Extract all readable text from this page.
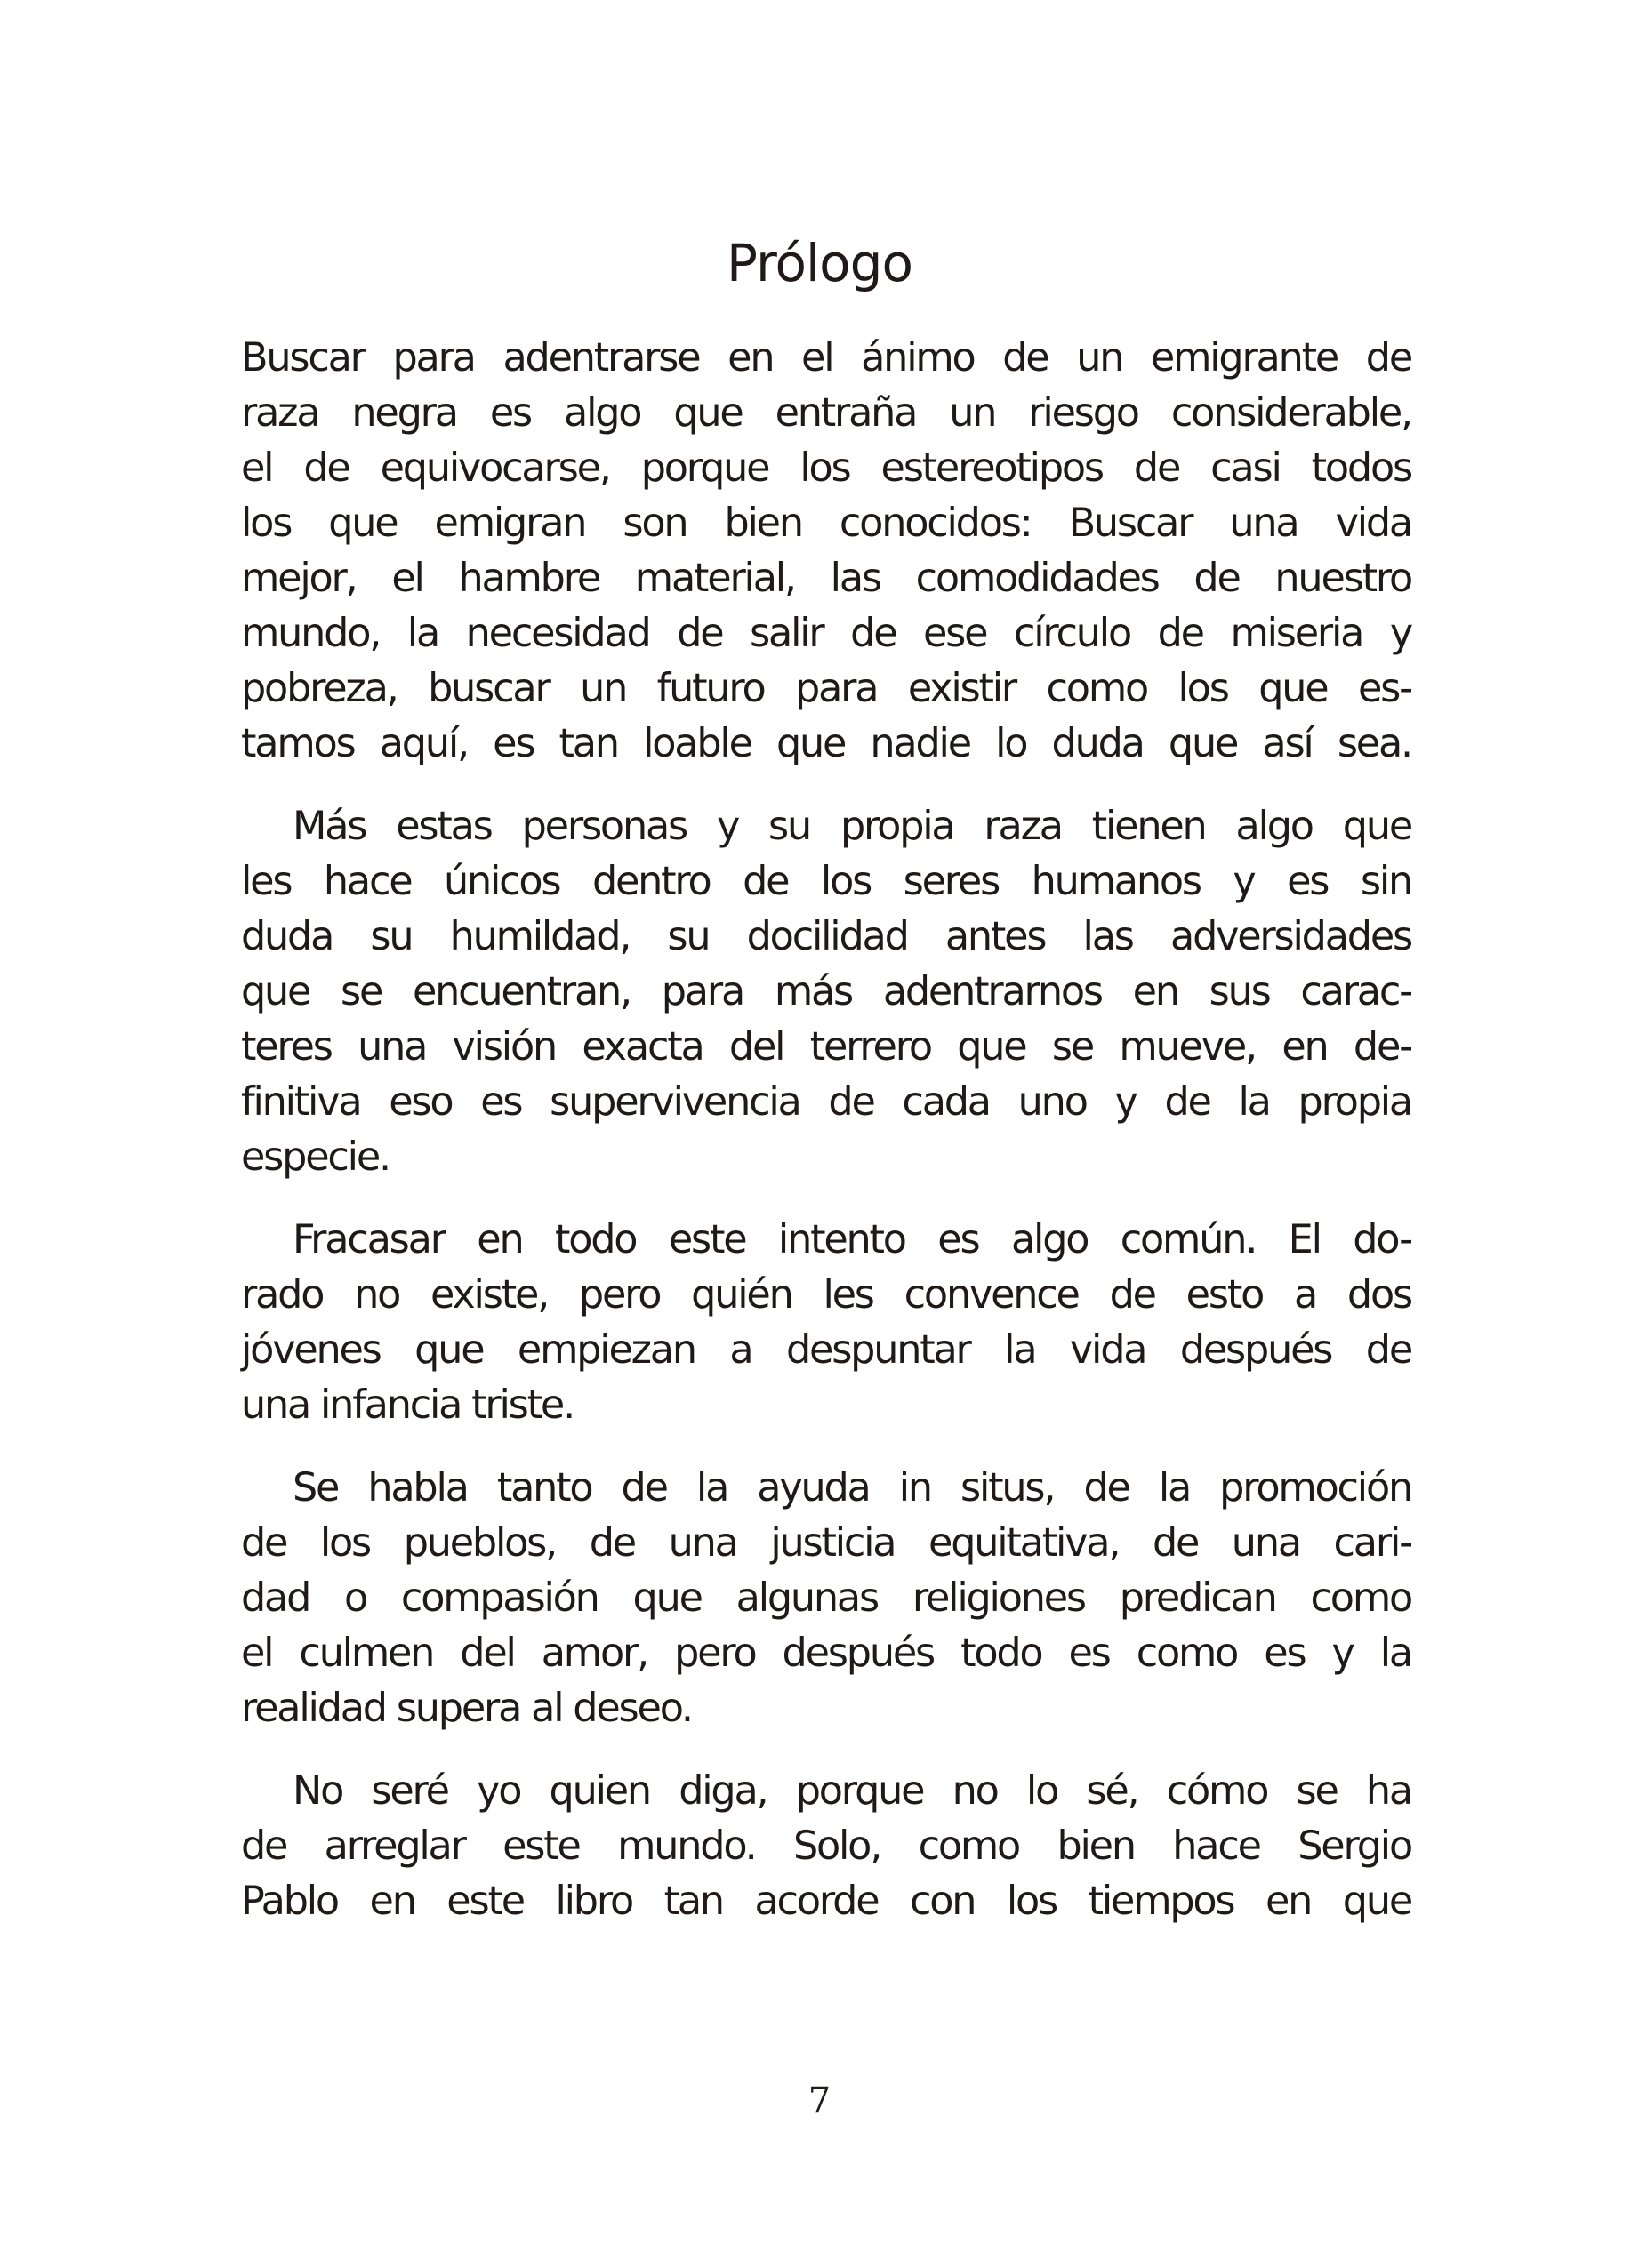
Prólogo

Buscar para adentrarse en el ánimo de un emigrante de
raza negra es algo que entraña un riesgo considerable,
el de equivocarse, porque los estereotipos de casi todos
los que emigran son bien conocidos: Buscar una vida
mejor, el hambre material, las comodidades de nuestro
mundo, la necesidad de salir de ese círculo de miseria y
pobreza, buscar un futuro para existir como los que es-
tamos aquí, es tan loable que nadie lo duda que así sea.

Más estas personas y su propia raza tienen algo que
les hace únicos dentro de los seres humanos y es sin
duda su humildad, su docilidad antes las adversidades
que se encuentran, para más adentrarnos en sus carac-
teres una visión exacta del terrero que se mueve, en de-
finitiva eso es supervivencia de cada uno y de la propia
especie.

Fracasar en todo este intento es algo común. El do-
rado no existe, pero quién les convence de esto a dos
jóvenes que empiezan a despuntar la vida después de
una infancia triste.

Se habla tanto de la ayuda in situs, de la promoción
de los pueblos, de una justicia equitativa, de una cari-
dad o compasión que algunas religiones predican como
el culmen del amor, pero después todo es como es y la
realidad supera al deseo.

No seré yo quien diga, porque no lo sé, cómo se ha
de arreglar este mundo. Solo, como bien hace Sergio
Pablo en este libro tan acorde con los tiempos en que

7
